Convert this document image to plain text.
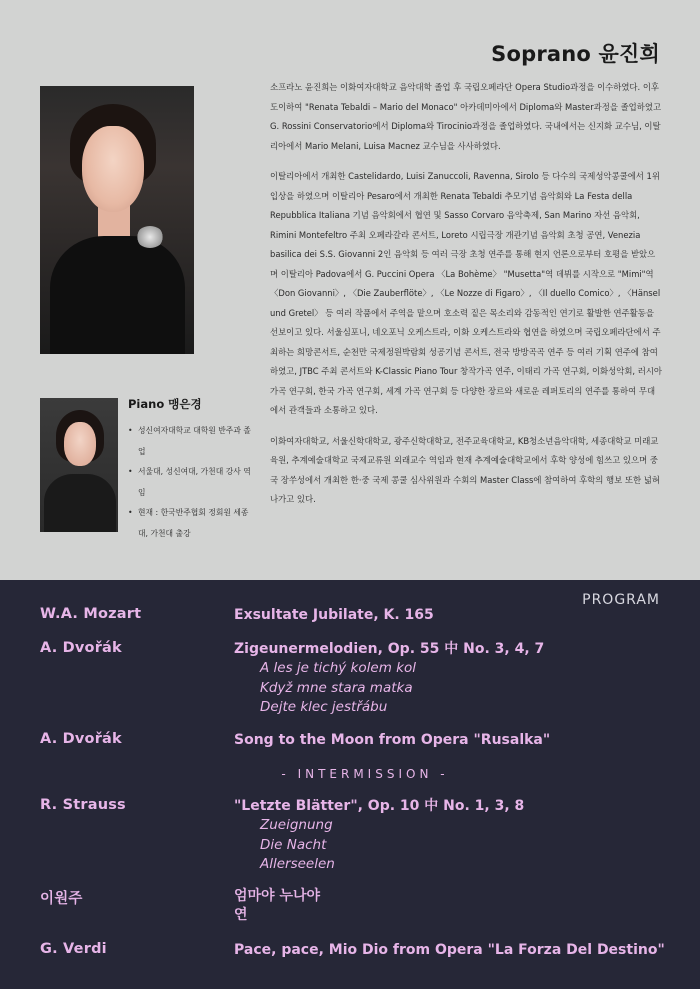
Soprano 윤진희

소프라노 윤진희는 이화여자대학교 음악대학 졸업 후 국립오페라단 Opera Studio과정을 이수하였다. 이후 도이하여 "Renata Tebaldi – Mario del Monaco" 아카데미아에서 Diploma와 Master과정을 졸업하였고 G. Rossini Conservatorio에서 Diploma와 Tirocinio과정을 졸업하였다. 국내에서는 신지화 교수님, 이탈리아에서 Mario Melani, Luisa Macnez 교수님을 사사하였다.

이탈리아에서 개최한 Castelidardo, Luisi Zanuccoli, Ravenna, Sirolo 등 다수의 국제성악콩쿨에서 1위 입상을 하였으며 이탈리아 Pesaro에서 개최한 Renata Tebaldi 추모기념 음악회와 La Festa della Repubblica Italiana 기념 음악회에서 협연 및 Sasso Corvaro 음악축제, San Marino 자선 음악회, Rimini Montefeltro 주최 오페라갈라 콘서트, Loreto 시립극장 개관기념 음악회 초청 공연, Venezia basilica dei S.S. Giovanni 2인 음악회 등 여러 극장 초청 연주를 통해 현지 언론으로부터 호평을 받았으며 이탈리아 Padova에서 G. Puccini Opera 〈La Bohème〉 "Musetta"역 데뷔를 시작으로 "Mimi"역 〈Don Giovanni〉, 〈Die Zauberflöte〉, 〈Le Nozze di Figaro〉, 〈Il duello Comico〉, 〈Hänsel und Gretel〉 등 여러 작품에서 주역을 맡으며 호소력 짙은 목소리와 감동적인 연기로 활발한 연주활동을 선보이고 있다. 서울심포니, 네오포닉 오케스트라, 이화 오케스트라와 협연을 하였으며 국립오페라단에서 주최하는 희망콘서트, 순천만 국제정원박람회 성공기념 콘서트, 전국 방방곡곡 연주 등 여러 기획 연주에 참여하였고, JTBC 주최 콘서트와 K-Classic Piano Tour 창작가곡 연주, 이태리 가곡 연구회, 이화성악회, 러시아 가곡 연구회, 한국 가곡 연구회, 세계 가곡 연구회 등 다양한 장르와 새로운 레퍼토리의 연주를 통하여 무대에서 관객들과 소통하고 있다.

이화여자대학교, 서울신학대학교, 광주신학대학교, 전주교육대학교, KB청소년음악대학, 세종대학교 미래교육원, 추계예술대학교 국제교류원 외래교수 역임과 현재 추계예술대학교에서 후학 양성에 힘쓰고 있으며 중국 장쑤성에서 개최한 한·중 국제 콩쿨 심사위원과 수회의 Master Class에 참여하여 후학의 행보 또한 넓혀나가고 있다.

Piano 맹은경
• 성신여자대학교 대학원 반주과 졸업
• 서울대, 성신여대, 가천대 강사 역임
• 현재 : 한국반주협회 정회원 세종대, 가천대 출강
PROGRAM
W.A. Mozart	Exsultate Jubilate, K. 165
A. Dvořák	Zigeunermelodien, Op. 55 中 No. 3, 4, 7
A les je tichý kolem kol
Když mne stara matka
Dejte klec jestřábu
A. Dvořák	Song to the Moon from Opera "Rusalka"
- INTERMISSION -
R. Strauss	"Letzte Blätter", Op. 10 中 No. 1, 3, 8
Zueignung
Die Nacht
Allerseelen
이원주	엄마야 누나야
연
G. Verdi	Pace, pace, Mio Dio from Opera "La Forza Del Destino"
